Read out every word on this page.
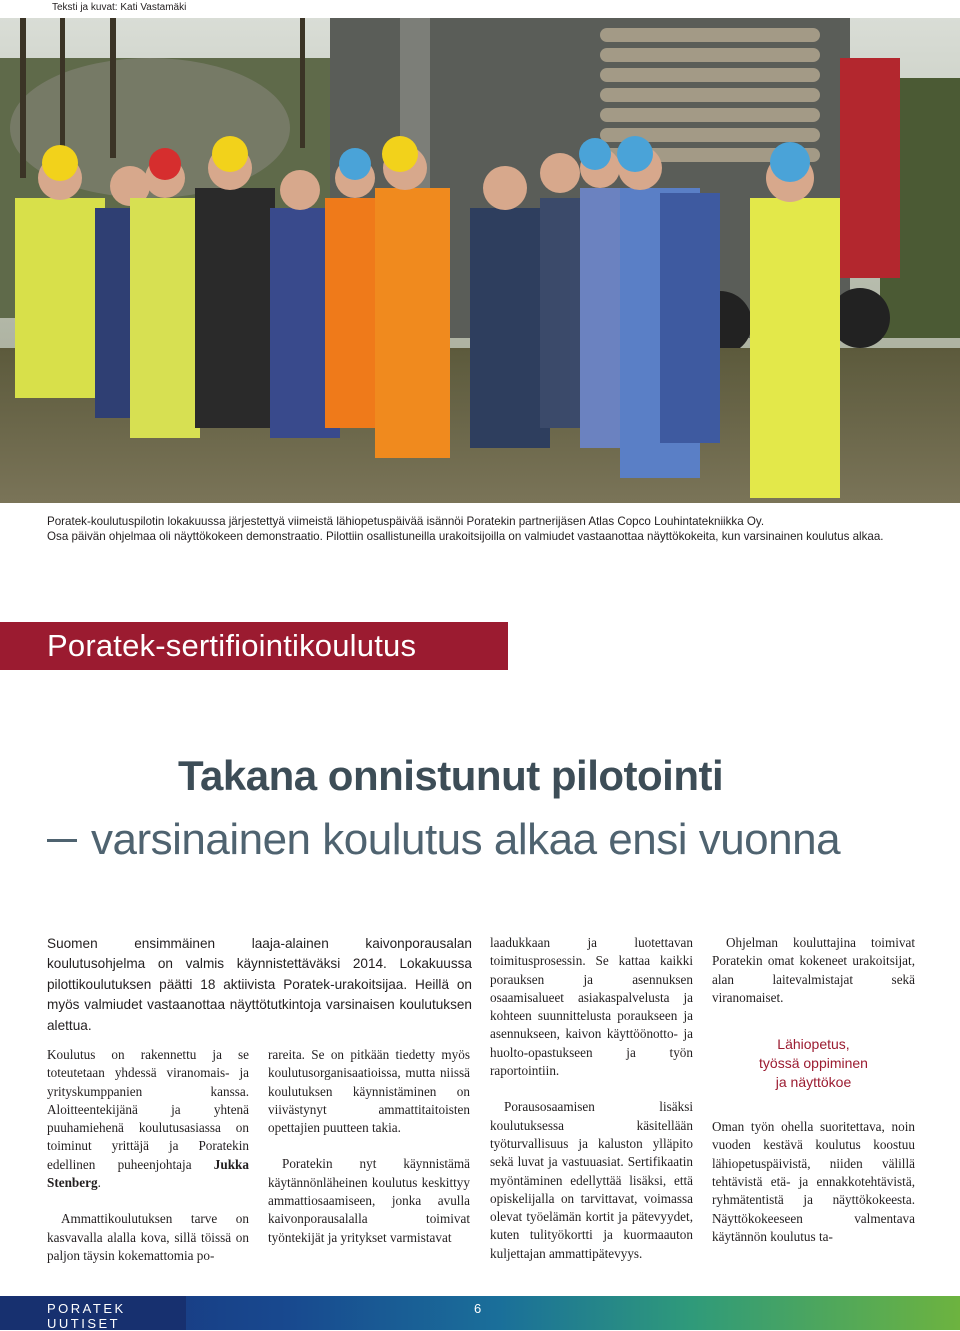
Teksti ja kuvat: Kati Vastamäki

Poratek-koulutuspilotin lokakuussa järjestettyä viimeistä lähiopetuspäivää isännöi Poratekin partnerijäsen Atlas Copco Louhintatekniikka Oy.

Osa päivän ohjelmaa oli näyttökokeen demonstraatio. Pilottiin osallistuneilla urakoitsijoilla on valmiudet vastaanottaa näyttökokeita, kun varsinainen koulutus alkaa.

Poratek-sertifiointikoulutus
Takana onnistunut pilotointi
varsinainen koulutus alkaa ensi vuonna
Suomen ensimmäinen laaja-alainen kaivonporausalan koulutusohjelma on valmis käynnistettäväksi 2014. Lokakuussa pilottikoulutuksen päätti 18 aktiivista Poratek-urakoitsijaa. Heillä on myös valmiudet vastaanottaa näyttötutkintoja varsinaisen koulutuksen alettua.

Koulutus on rakennettu ja se toteutetaan yhdessä viranomais- ja yrityskumppanien kanssa. Aloitteentekijänä ja yhtenä puuhamiehenä koulutusasiassa on toiminut yrittäjä ja Poratekin edellinen puheenjohtaja Jukka Stenberg.

Ammattikoulutuksen tarve on kasvavalla alalla kova, sillä töissä on paljon täysin kokemattomia po-

rareita. Se on pitkään tiedetty myös koulutusorganisaatioissa, mutta niissä koulutuksen käynnistäminen on viivästynyt ammattitaitoisten opettajien puutteen takia.

Poratekin nyt käynnistämä käytännönläheinen koulutus keskittyy ammattiosaamiseen, jonka avulla kaivonporausalalla toimivat työntekijät ja yritykset varmistavat

laadukkaan ja luotettavan toimitusprosessin. Se kattaa kaikki porauksen ja asennuksen osaamisalueet asiakaspalvelusta ja kohteen suunnittelusta poraukseen ja asennukseen, kaivon käyttöönotto- ja huolto-opastukseen ja työn raportointiin.

Porausosaamisen lisäksi koulutuksessa käsitellään työturvallisuus ja kaluston ylläpito sekä luvat ja vastuuasiat. Sertifikaatin myöntäminen edellyttää lisäksi, että opiskelijalla on tarvittavat, voimassa olevat työelämän kortit ja pätevyydet, kuten tulityökortti ja kuormaauton kuljettajan ammattipätevyys.

Ohjelman kouluttajina toimivat Poratekin omat kokeneet urakoitsijat, alan laitevalmistajat sekä viranomaiset.

Lähiopetus,
työssä oppiminen
ja näyttökoe

Oman työn ohella suoritettava, noin vuoden kestävä koulutus koostuu lähiopetuspäivistä, niiden välillä tehtävistä etä- ja ennakkotehtävistä, ryhmätentistä ja näyttökokeesta. Näyttökokeeseen valmentava käytännön koulutus ta-

PORATEK UUTISET
6
